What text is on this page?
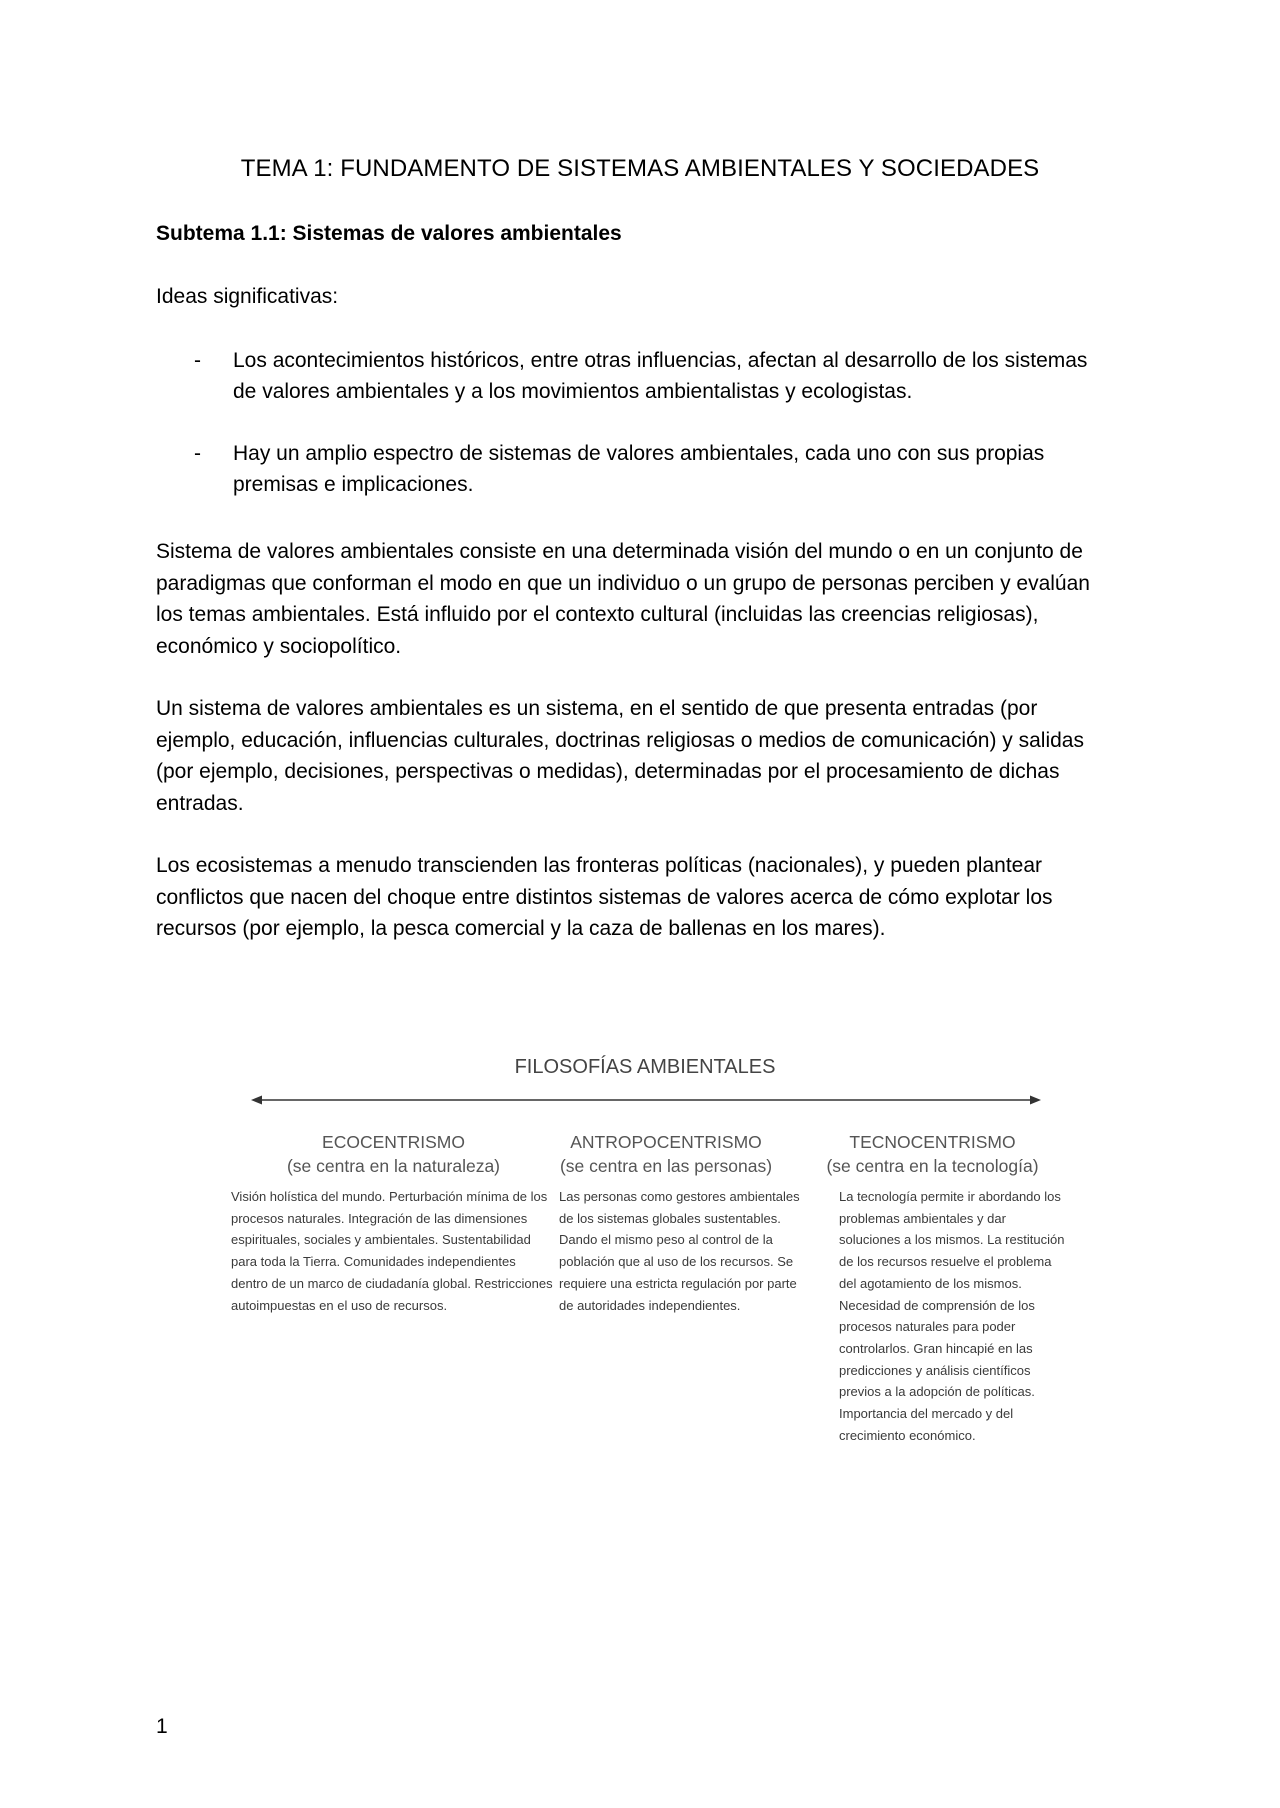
TEMA 1: FUNDAMENTO DE SISTEMAS AMBIENTALES Y SOCIEDADES
Subtema 1.1: Sistemas de valores ambientales

Ideas significativas:

- Los acontecimientos históricos, entre otras influencias, afectan al desarrollo de los sistemas de valores ambientales y a los movimientos ambientalistas y ecologistas.
- Hay un amplio espectro de sistemas de valores ambientales, cada uno con sus propias premisas e implicaciones.

Sistema de valores ambientales consiste en una determinada visión del mundo o en un conjunto de paradigmas que conforman el modo en que un individuo o un grupo de personas perciben y evalúan los temas ambientales. Está influido por el contexto cultural (incluidas las creencias religiosas), económico y sociopolítico.

Un sistema de valores ambientales es un sistema, en el sentido de que presenta entradas (por ejemplo, educación, influencias culturales, doctrinas religiosas o medios de comunicación) y salidas (por ejemplo, decisiones, perspectivas o medidas), determinadas por el procesamiento de dichas entradas.

Los ecosistemas a menudo transcienden las fronteras políticas (nacionales), y pueden plantear conflictos que nacen del choque entre distintos sistemas de valores acerca de cómo explotar los recursos (por ejemplo, la pesca comercial y la caza de ballenas en los mares).

FILOSOFÍAS AMBIENTALES

ECOCENTRISMO

(se centra en la naturaleza)

Visión holística del mundo. Perturbación mínima de los procesos naturales. Integración de las dimensiones espirituales, sociales y ambientales. Sustentabilidad para toda la Tierra. Comunidades independientes dentro de un marco de ciudadanía global. Restricciones autoimpuestas en el uso de recursos.

ANTROPOCENTRISMO

(se centra en las personas)

Las personas como gestores ambientales de los sistemas globales sustentables. Dando el mismo peso al control de la población que al uso de los recursos. Se requiere una estricta regulación por parte de autoridades independientes.

TECNOCENTRISMO

(se centra en la tecnología)

La tecnología permite ir abordando los problemas ambientales y dar soluciones a los mismos. La restitución de los recursos resuelve el problema del agotamiento de los mismos. Necesidad de comprensión de los procesos naturales para poder controlarlos. Gran hincapié en las predicciones y análisis científicos previos a la adopción de políticas. Importancia del mercado y del crecimiento económico.

1
